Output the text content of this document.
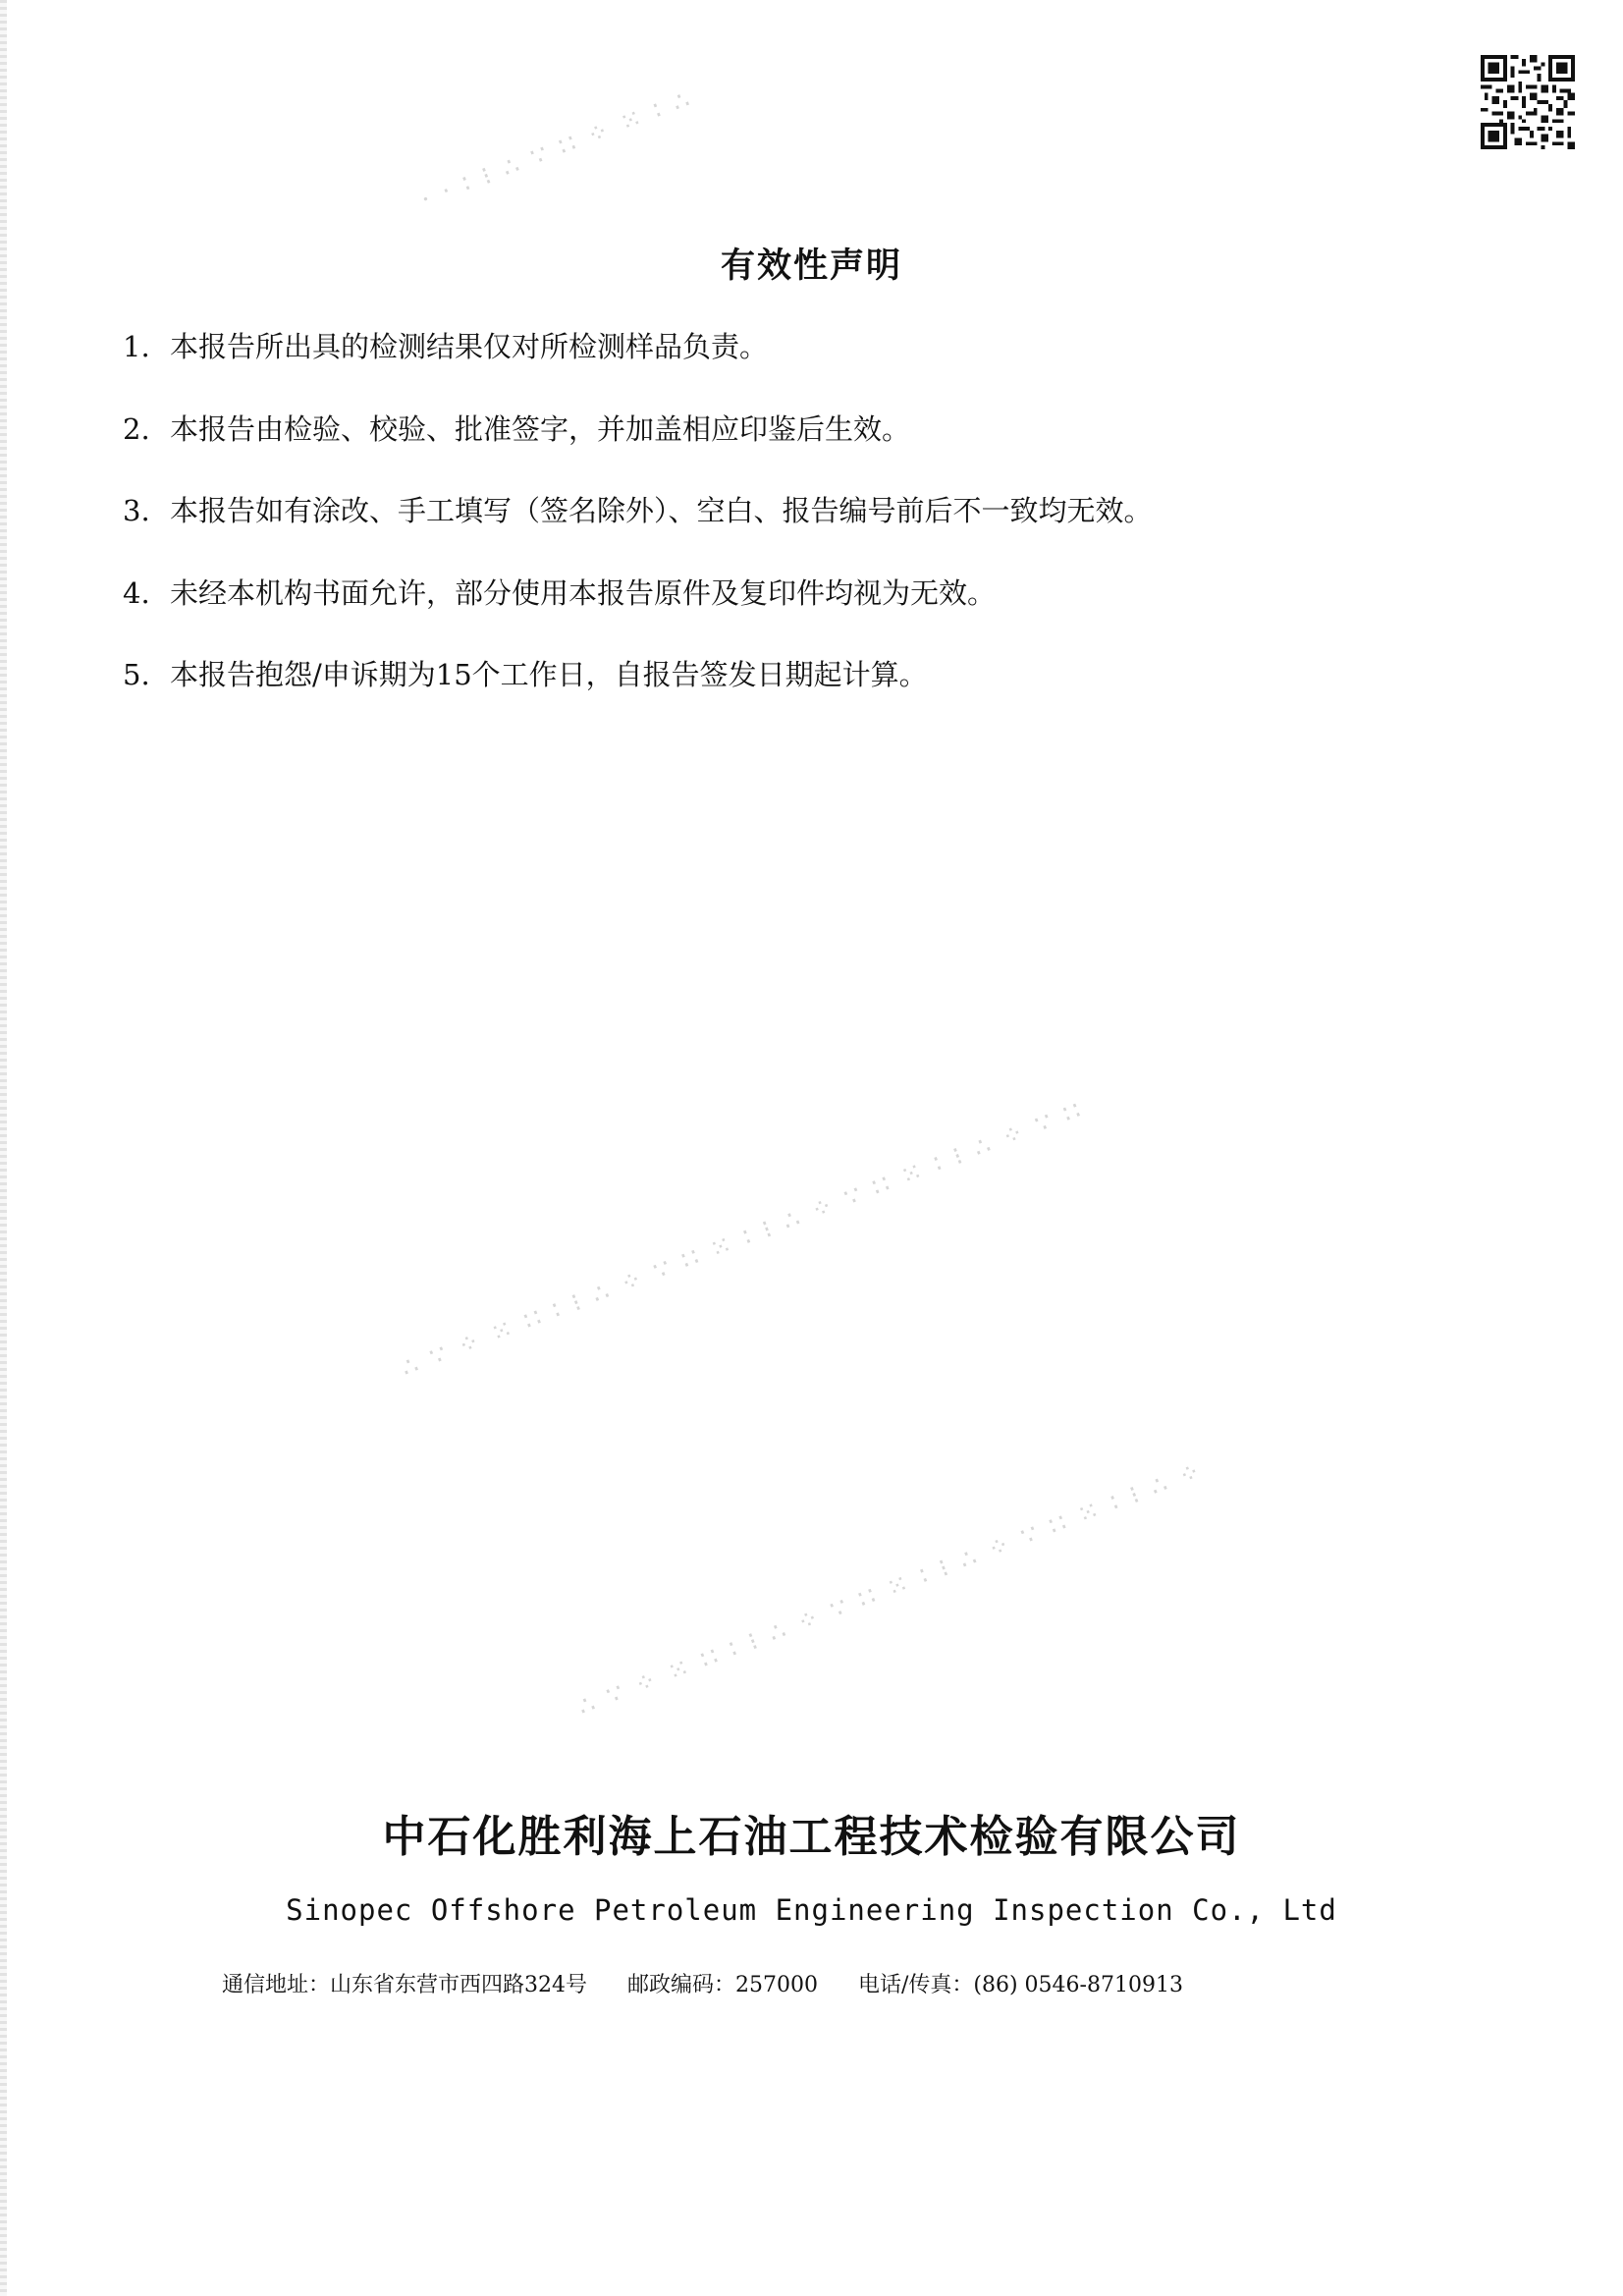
· ‧ ∶ ⁝ ∴ ∵ ∷ ⁘ ⁙ ∶ ∴
∴ ∵ ⁘ ⁙ ∷ ∶ ⁝ ∴ ⁘ ∵ ∷ ⁙ ∶ ⁝ ∴ ⁘ ∵ ∷ ⁙ ∶ ⁝ ∴ ⁘ ∵ ∷
∴ ∵ ⁘ ⁙ ∷ ∶ ⁝ ∴ ⁘ ∵ ∷ ⁙ ∶ ⁝ ∴ ⁘ ∵ ∷ ⁙ ∶ ⁝ ∴ ⁘
有效性声明
1. 本报告所出具的检测结果仅对所检测样品负责。
2. 本报告由检验、校验、批准签字，并加盖相应印鉴后生效。
3. 本报告如有涂改、手工填写（签名除外）、空白、报告编号前后不一致均无效。
4. 未经本机构书面允许，部分使用本报告原件及复印件均视为无效。
5. 本报告抱怨/申诉期为15个工作日，自报告签发日期起计算。
中石化胜利海上石油工程技术检验有限公司
Sinopec Offshore Petroleum Engineering Inspection Co., Ltd
通信地址：山东省东营市西四路324号 邮政编码：257000 电话/传真：(86) 0546-8710913
